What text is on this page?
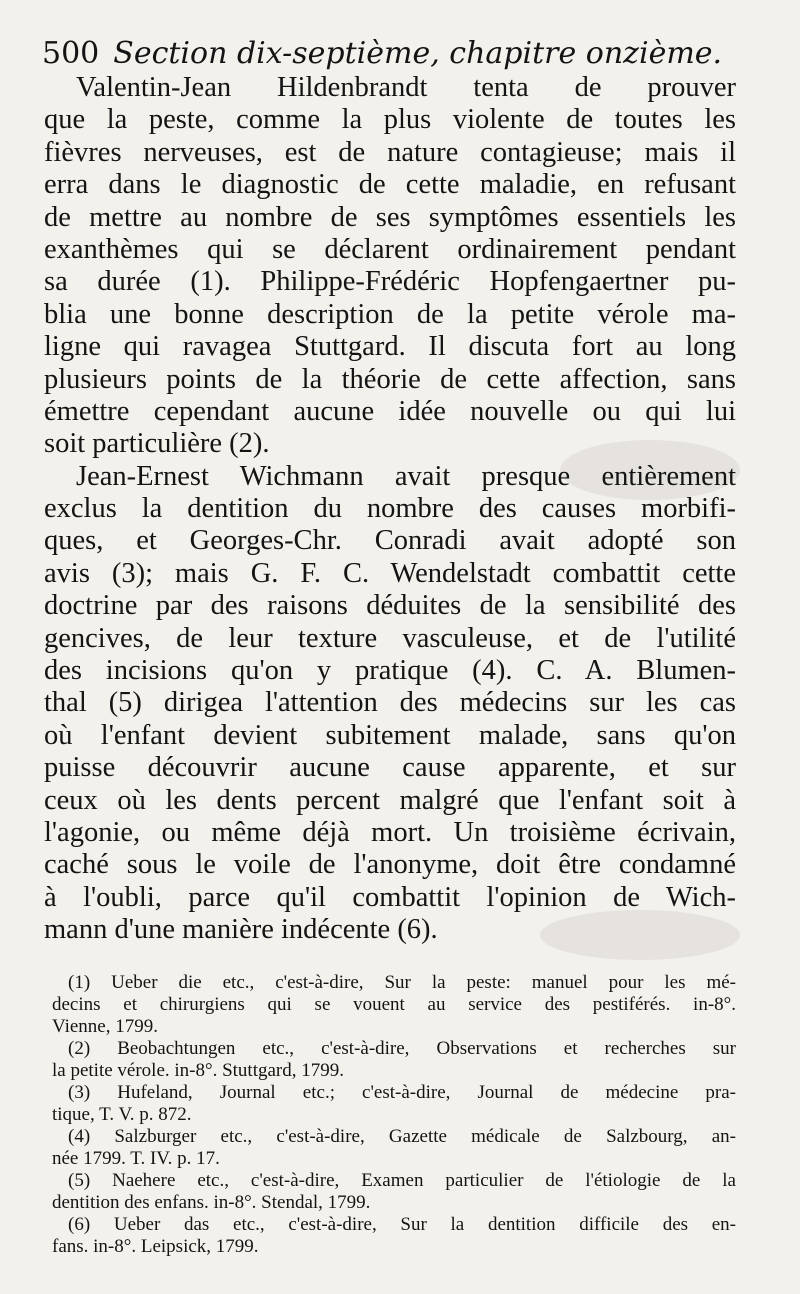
500 Section dix-septième, chapitre onzième.
Valentin-Jean Hildenbrandt tenta de prouver
que la peste, comme la plus violente de toutes les
fièvres nerveuses, est de nature contagieuse; mais il
erra dans le diagnostic de cette maladie, en refusant
de mettre au nombre de ses symptômes essentiels les
exanthèmes qui se déclarent ordinairement pendant
sa durée (1). Philippe-Frédéric Hopfengaertner pu-
blia une bonne description de la petite vérole ma-
ligne qui ravagea Stuttgard. Il discuta fort au long
plusieurs points de la théorie de cette affection, sans
émettre cependant aucune idée nouvelle ou qui lui
soit particulière (2).
Jean-Ernest Wichmann avait presque entièrement
exclus la dentition du nombre des causes morbifi-
ques, et Georges-Chr. Conradi avait adopté son
avis (3); mais G. F. C. Wendelstadt combattit cette
doctrine par des raisons déduites de la sensibilité des
gencives, de leur texture vasculeuse, et de l'utilité
des incisions qu'on y pratique (4). C. A. Blumen-
thal (5) dirigea l'attention des médecins sur les cas
où l'enfant devient subitement malade, sans qu'on
puisse découvrir aucune cause apparente, et sur
ceux où les dents percent malgré que l'enfant soit à
l'agonie, ou même déjà mort. Un troisième écrivain,
caché sous le voile de l'anonyme, doit être condamné
à l'oubli, parce qu'il combattit l'opinion de Wich-
mann d'une manière indécente (6).
(1) Ueber die etc., c'est-à-dire, Sur la peste: manuel pour les mé-
decins et chirurgiens qui se vouent au service des pestiférés. in-8°.
Vienne, 1799.
(2) Beobachtungen etc., c'est-à-dire, Observations et recherches sur
la petite vérole. in-8°. Stuttgard, 1799.
(3) Hufeland, Journal etc.; c'est-à-dire, Journal de médecine pra-
tique, T. V. p. 872.
(4) Salzburger etc., c'est-à-dire, Gazette médicale de Salzbourg, an-
née 1799. T. IV. p. 17.
(5) Naehere etc., c'est-à-dire, Examen particulier de l'étiologie de la
dentition des enfans. in-8°. Stendal, 1799.
(6) Ueber das etc., c'est-à-dire, Sur la dentition difficile des en-
fans. in-8°. Leipsick, 1799.
